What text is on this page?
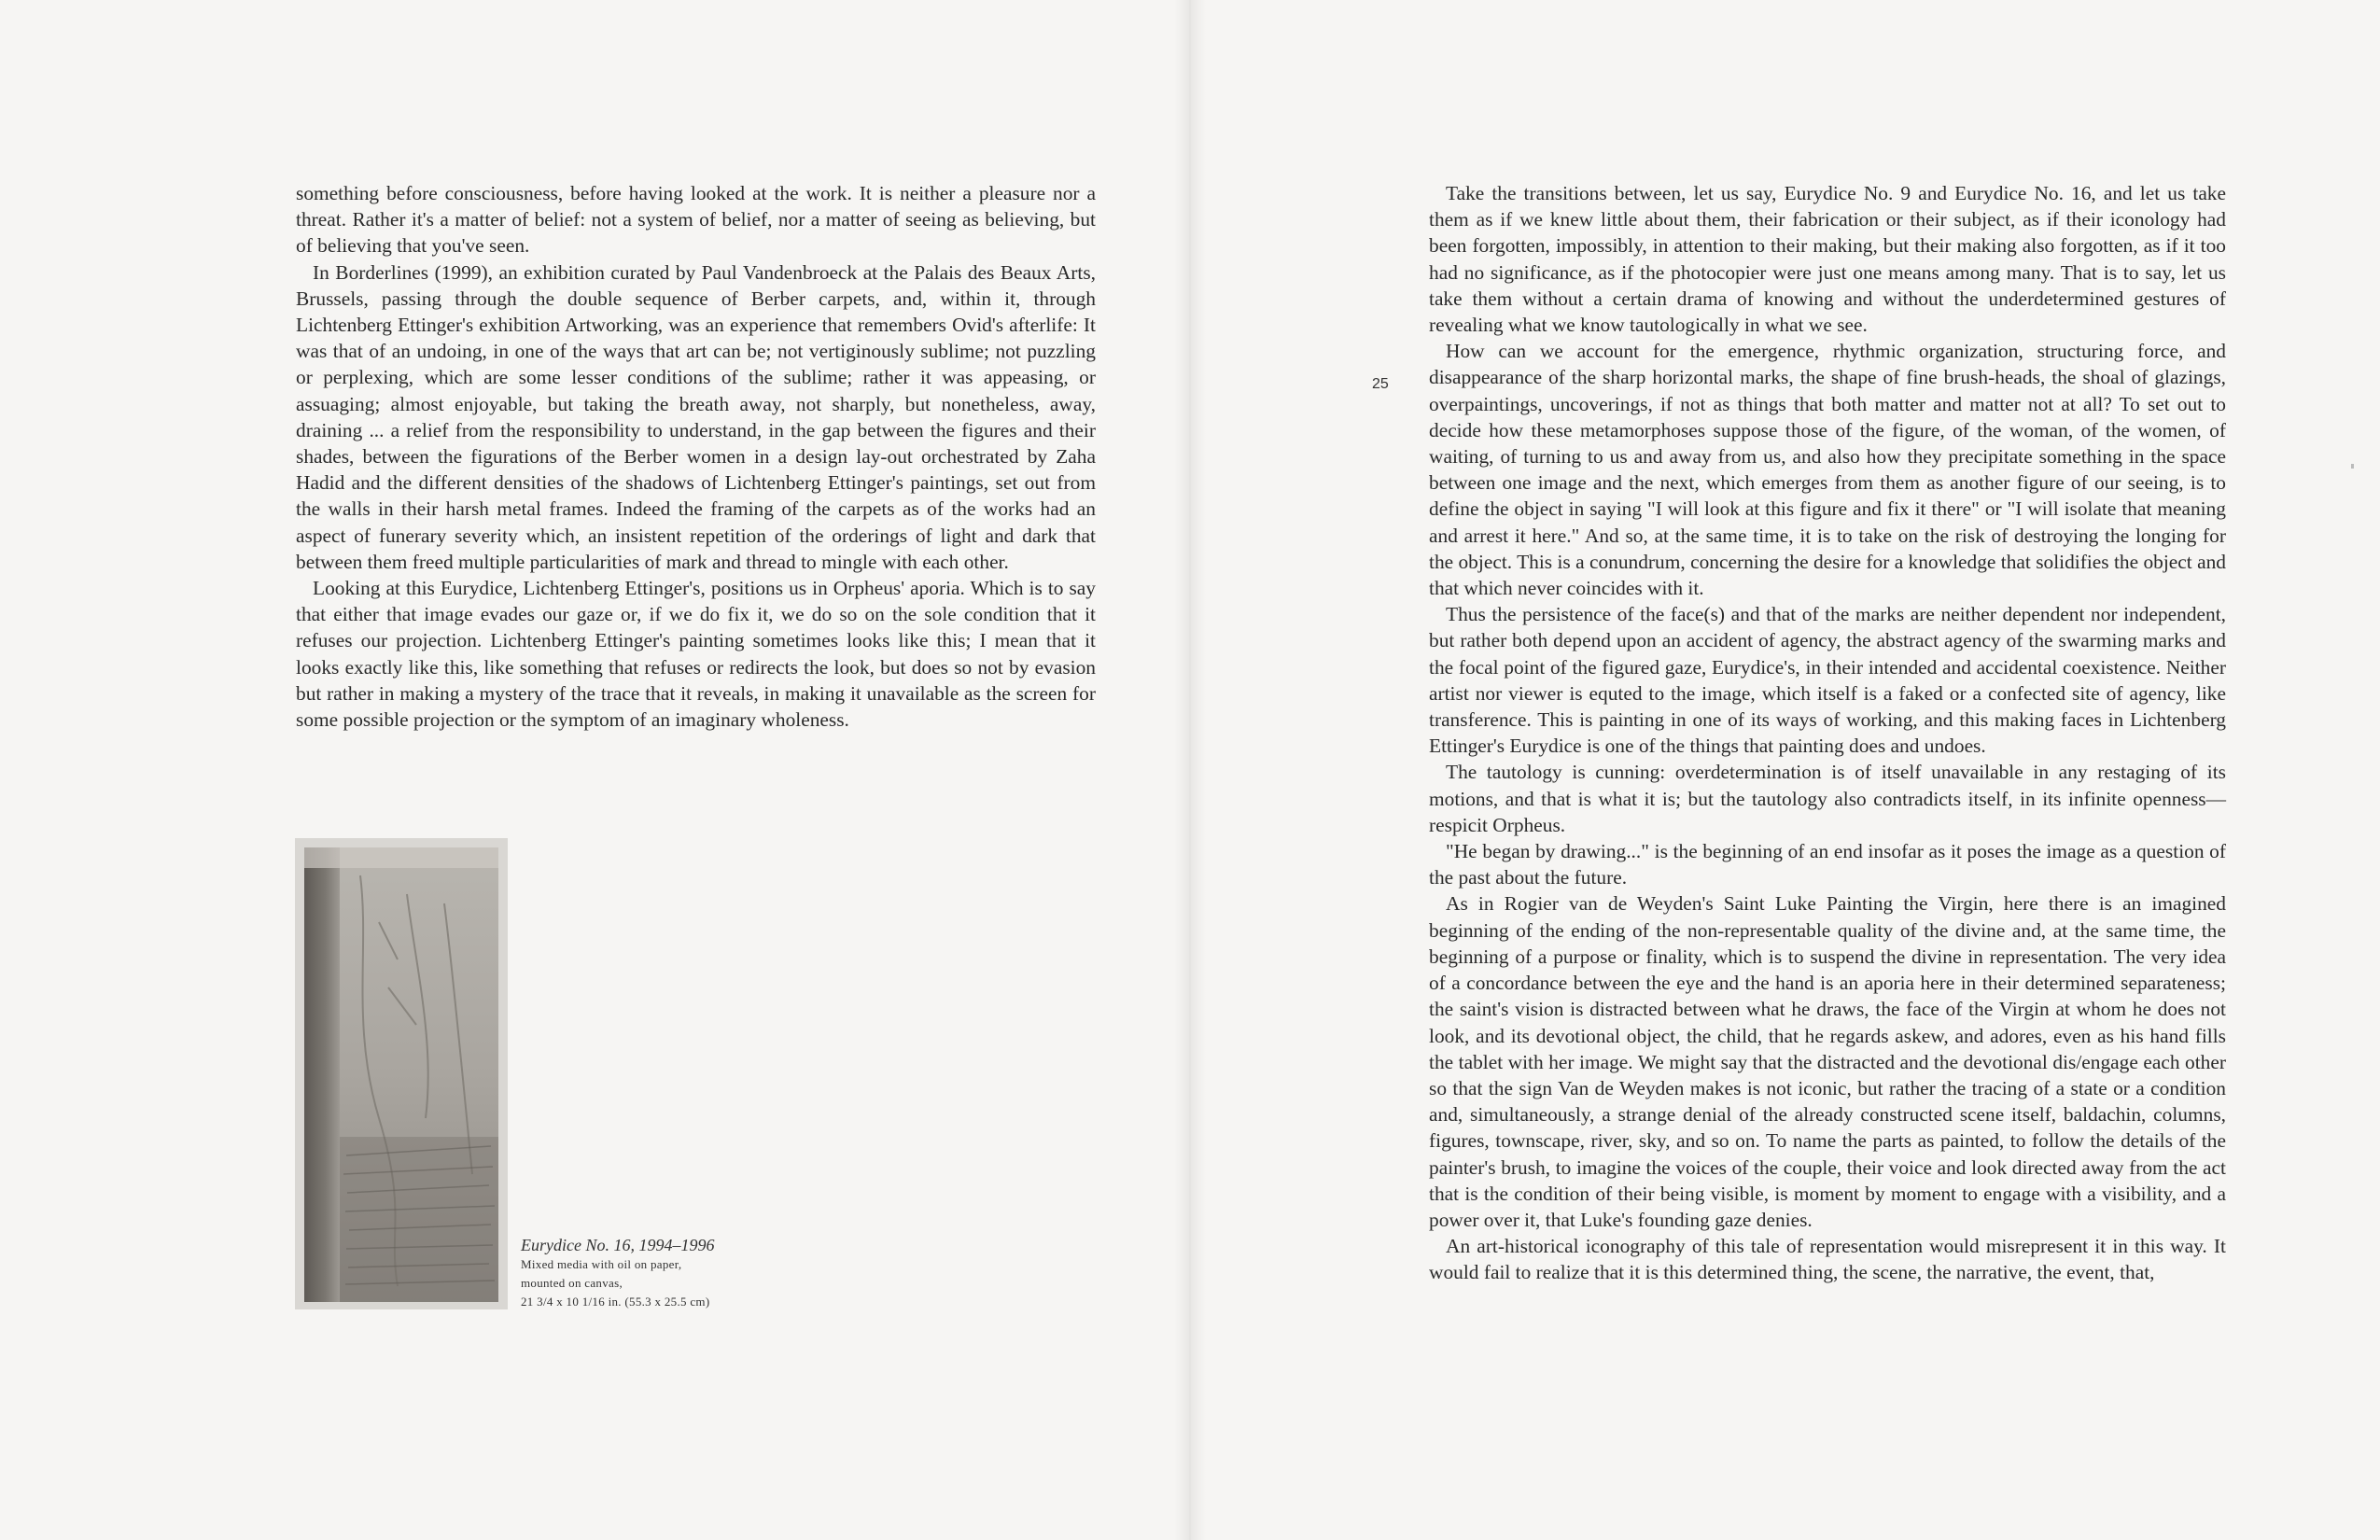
something before consciousness, before having looked at the work. It is neither a pleasure nor a threat. Rather it's a matter of belief: not a system of belief, nor a matter of seeing as believing, but of believing that you've seen.

In Borderlines (1999), an exhibition curated by Paul Vandenbroeck at the Palais des Beaux Arts, Brussels, passing through the double sequence of Berber carpets, and, within it, through Lichtenberg Ettinger's exhibition Artworking, was an experience that remembers Ovid's afterlife: It was that of an undoing, in one of the ways that art can be; not vertiginously sublime; not puzzling or perplexing, which are some lesser conditions of the sublime; rather it was appeasing, or assuaging; almost enjoyable, but taking the breath away, not sharply, but nonetheless, away, draining ... a relief from the responsibility to understand, in the gap between the figures and their shades, between the figurations of the Berber women in a design lay-out orchestrated by Zaha Hadid and the different densities of the shadows of Lichtenberg Ettinger's paintings, set out from the walls in their harsh metal frames. Indeed the framing of the carpets as of the works had an aspect of funerary severity which, an insistent repetition of the orderings of light and dark that between them freed multiple particularities of mark and thread to mingle with each other.

Looking at this Eurydice, Lichtenberg Ettinger's, positions us in Orpheus' aporia. Which is to say that either that image evades our gaze or, if we do fix it, we do so on the sole condition that it refuses our projection. Lichtenberg Ettinger's painting sometimes looks like this; I mean that it looks exactly like this, like something that refuses or redirects the look, but does so not by evasion but rather in making a mystery of the trace that it reveals, in making it unavailable as the screen for some possible projection or the symptom of an imaginary wholeness.

Eurydice No. 16, 1994–1996
Mixed media with oil on paper,
mounted on canvas,
21 3/4 x 10 1/16 in. (55.3 x 25.5 cm)
25

Take the transitions between, let us say, Eurydice No. 9 and Eurydice No. 16, and let us take them as if we knew little about them, their fabrication or their subject, as if their iconology had been forgotten, impossibly, in attention to their making, but their making also forgotten, as if it too had no significance, as if the photocopier were just one means among many. That is to say, let us take them without a certain drama of knowing and without the underdetermined gestures of revealing what we know tautologically in what we see.

How can we account for the emergence, rhythmic organization, structuring force, and disappearance of the sharp horizontal marks, the shape of fine brush-heads, the shoal of glazings, overpaintings, uncoverings, if not as things that both matter and matter not at all? To set out to decide how these metamorphoses suppose those of the figure, of the woman, of the women, of waiting, of turning to us and away from us, and also how they precipitate something in the space between one image and the next, which emerges from them as another figure of our seeing, is to define the object in saying "I will look at this figure and fix it there" or "I will isolate that meaning and arrest it here." And so, at the same time, it is to take on the risk of destroying the longing for the object. This is a conundrum, concerning the desire for a knowledge that solidifies the object and that which never coincides with it.

Thus the persistence of the face(s) and that of the marks are neither dependent nor independent, but rather both depend upon an accident of agency, the abstract agency of the swarming marks and the focal point of the figured gaze, Eurydice's, in their intended and accidental coexistence. Neither artist nor viewer is equted to the image, which itself is a faked or a confected site of agency, like transference. This is painting in one of its ways of working, and this making faces in Lichtenberg Ettinger's Eurydice is one of the things that painting does and undoes.

The tautology is cunning: overdetermination is of itself unavailable in any restaging of its motions, and that is what it is; but the tautology also contradicts itself, in its infinite openness—respicit Orpheus.

"He began by drawing..." is the beginning of an end insofar as it poses the image as a question of the past about the future.

As in Rogier van de Weyden's Saint Luke Painting the Virgin, here there is an imagined beginning of the ending of the non-representable quality of the divine and, at the same time, the beginning of a purpose or finality, which is to suspend the divine in representation. The very idea of a concordance between the eye and the hand is an aporia here in their determined separateness; the saint's vision is distracted between what he draws, the face of the Virgin at whom he does not look, and its devotional object, the child, that he regards askew, and adores, even as his hand fills the tablet with her image. We might say that the distracted and the devotional dis/engage each other so that the sign Van de Weyden makes is not iconic, but rather the tracing of a state or a condition and, simultaneously, a strange denial of the already constructed scene itself, baldachin, columns, figures, townscape, river, sky, and so on. To name the parts as painted, to follow the details of the painter's brush, to imagine the voices of the couple, their voice and look directed away from the act that is the condition of their being visible, is moment by moment to engage with a visibility, and a power over it, that Luke's founding gaze denies.

An art-historical iconography of this tale of representation would misrepresent it in this way. It would fail to realize that it is this determined thing, the scene, the narrative, the event, that,
